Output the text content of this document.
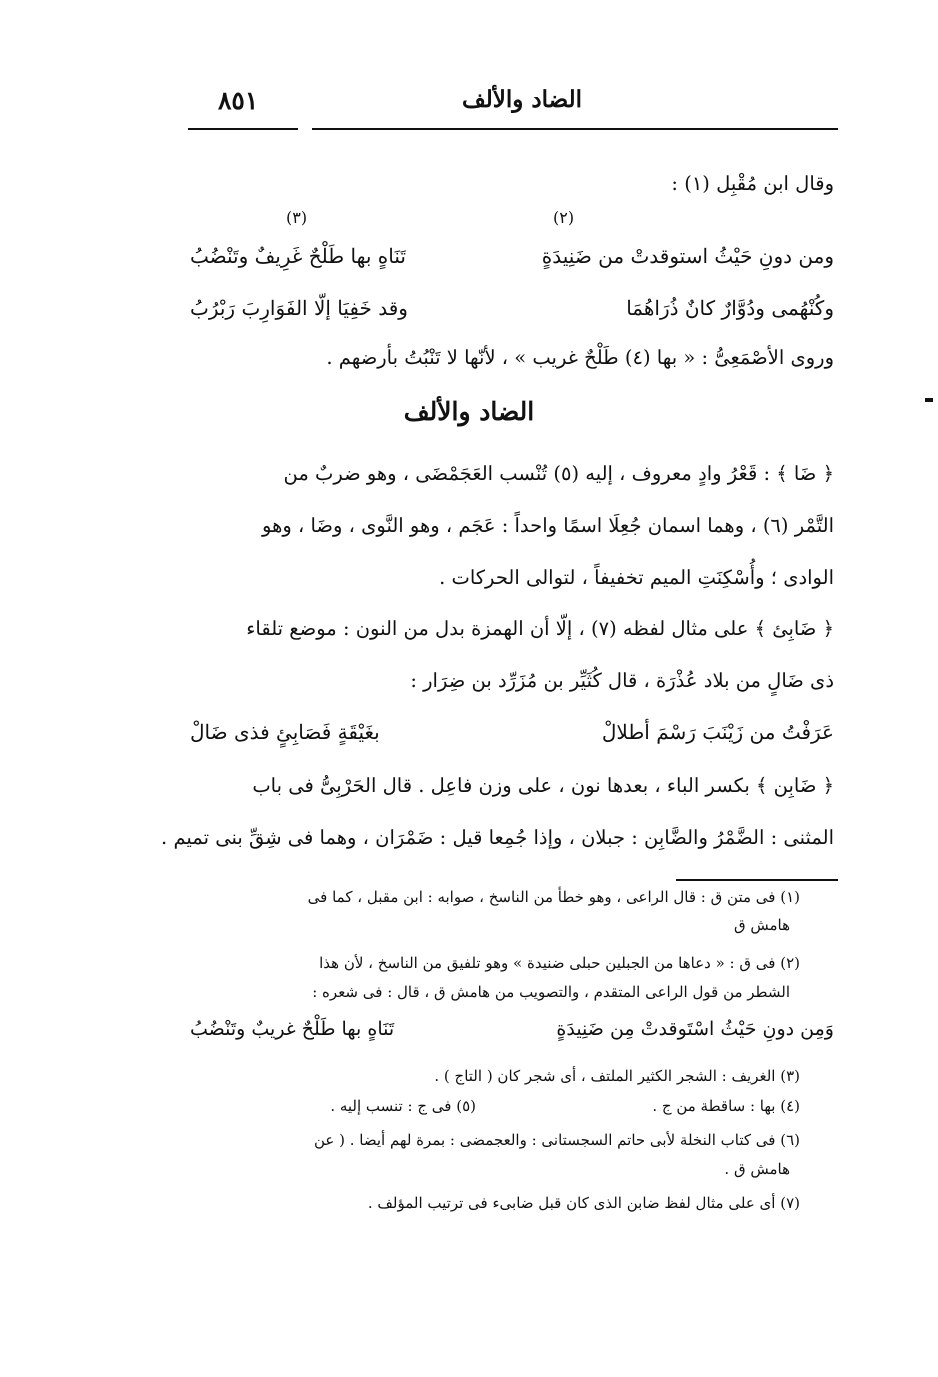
الضاد والألف
٨٥١
وقال ابن مُقْبِل (١) :
(٢)
(٣)
ومن دونِ حَيْثُ استوقدتْ من ضَنِيدَةٍ
تَنَاهٍ بها طَلْحٌ غَرِيفٌ وتَنْضُبُ
وكُنْهُمى ودُوَّارٌ كانٌ ذُرَاهُمَا
وقد خَفِيَا إلّا الفَوَارِبَ رَبْرُبُ
وروى الأصْمَعِىُّ : « بها (٤) طَلْحٌ غريب » ، لأنّها لا تَنْبُتُ بأرضهم .
الضاد والألف
﴿ ضَا ﴾ : قَعْرُ وادٍ معروف ، إليه (٥) تُنْسب العَجَمْضَى ، وهو ضربٌ من
التَّمْر (٦) ، وهما اسمان جُعِلَا اسمًا واحداً : عَجَم ، وهو النَّوى ، وضَا ، وهو
الوادى ؛ وأُسْكِنَتِ الميم تخفيفاً ، لتوالى الحركات .
﴿ ضَابِئ ﴾ على مثال لفظه (٧) ، إلّا أن الهمزة بدل من النون : موضع تلقاء
ذى ضَالٍ من بلاد عُذْرَة ، قال كُثَيِّر بن مُزَرِّد بن ضِرَار :
عَرَفْتُ من زَيْنَبَ رَسْمَ أطلالْ
بغَيْقَةٍ فَصَابِئٍ فذى ضَالْ
﴿ ضَابِن ﴾ بكسر الباء ، بعدها نون ، على وزن فاعِل . قال الحَرْبِىُّ فى باب
المثنى : الضَّمْرُ والضَّابِن : جبلان ، وإذا جُمِعا قيل : ضَمْرَان ، وهما فى شِقِّ بنى تميم .
(١) فى متن ق : قال الراعى ، وهو خطأ من الناسخ ، صوابه : ابن مقبل ، كما فى
هامش ق
(٢) فى ق : « دعاها من الجبلين حبلى ضنيدة » وهو تلفيق من الناسخ ، لأن هذا
الشطر من قول الراعى المتقدم ، والتصويب من هامش ق ، قال : فى شعره :
وَمِن دونِ حَيْثُ اسْتَوقدتْ مِن ضَنِيدَةٍ
تَنَاهٍ بها طَلْحٌ غريبٌ وتَنْضُبُ
(٣) الغريف : الشجر الكثير الملتف ، أى شجر كان ( التاج ) .
(٤) بها : ساقطة من ج .
(٥) فى ج : تنسب إليه .
(٦) فى كتاب النخلة لأبى حاتم السجستانى : والعجمضى : بمرة لهم أيضا . ( عن
هامش ق .
(٧) أى على مثال لفظ ضابن الذى كان قبل ضابىء فى ترتيب المؤلف .
